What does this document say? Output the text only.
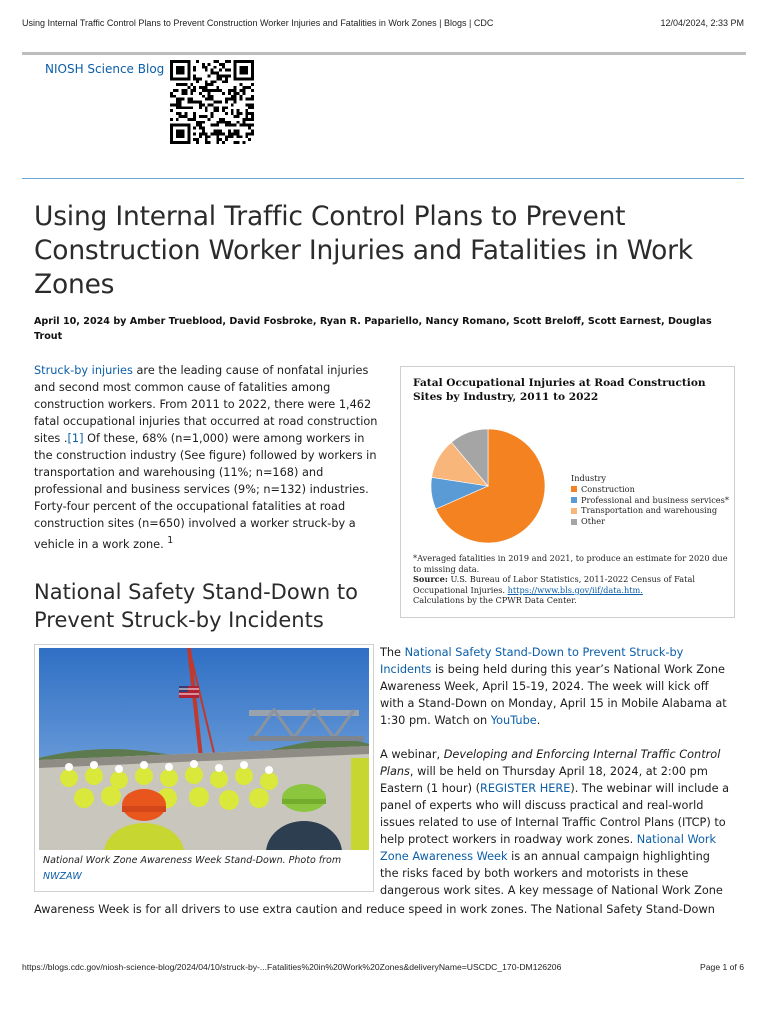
Using Internal Traffic Control Plans to Prevent Construction Worker Injuries and Fatalities in Work Zones | Blogs | CDC	12/04/2024, 2:33 PM
NIOSH Science Blog
Using Internal Traffic Control Plans to Prevent Construction Worker Injuries and Fatalities in Work Zones

April 10, 2024 by Amber Trueblood, David Fosbroke, Ryan R. Papariello, Nancy Romano, Scott Breloff, Scott Earnest, Douglas Trout

Struck-by injuries are the leading cause of nonfatal injuries and second most common cause of fatalities among construction workers. From 2011 to 2022, there were 1,462 fatal occupational injuries that occurred at road construction sites .[1] Of these, 68% (n=1,000) were among workers in the construction industry (See figure) followed by workers in transportation and warehousing (11%; n=168) and professional and business services (9%; n=132) industries. Forty-four percent of the occupational fatalities at road construction sites (n=650) involved a worker struck-by a vehicle in a work zone. $^1$

Fatal Occupational Injuries at Road Construction Sites by Industry, 2011 to 2022

Industry
Construction
Professional and business services*
Transportation and warehousing
Other
*Averaged fatalities in 2019 and 2021, to produce an estimate for 2020 due to missing data.
Source: U.S. Bureau of Labor Statistics, 2011-2022 Census of Fatal Occupational Injuries. https://www.bls.gov/iif/data.htm.
Calculations by the CPWR Data Center.
National Safety Stand-Down to Prevent Struck-by Incidents
National Work Zone Awareness Week Stand-Down. Photo from
NWZAW

The National Safety Stand-Down to Prevent Struck-by Incidents is being held during this year’s National Work Zone Awareness Week, April 15-19, 2024. The week will kick off with a Stand-Down on Monday, April 15 in Mobile Alabama at 1:30 pm. Watch on YouTube.

A webinar, Developing and Enforcing Internal Traffic Control Plans, will be held on Thursday April 18, 2024, at 2:00 pm Eastern (1 hour) (REGISTER HERE). The webinar will include a panel of experts who will discuss practical and real-world issues related to use of Internal Traffic Control Plans (ITCP) to help protect workers in roadway work zones. National Work Zone Awareness Week is an annual campaign highlighting the risks faced by both workers and motorists in these dangerous work sites. A key message of National Work Zone

Awareness Week is for all drivers to use extra caution and reduce speed in work zones. The National Safety Stand-Down

https://blogs.cdc.gov/niosh-science-blog/2024/04/10/struck-by-...Fatalities%20in%20Work%20Zones&deliveryName=USCDC_170-DM126206	Page 1 of 6
